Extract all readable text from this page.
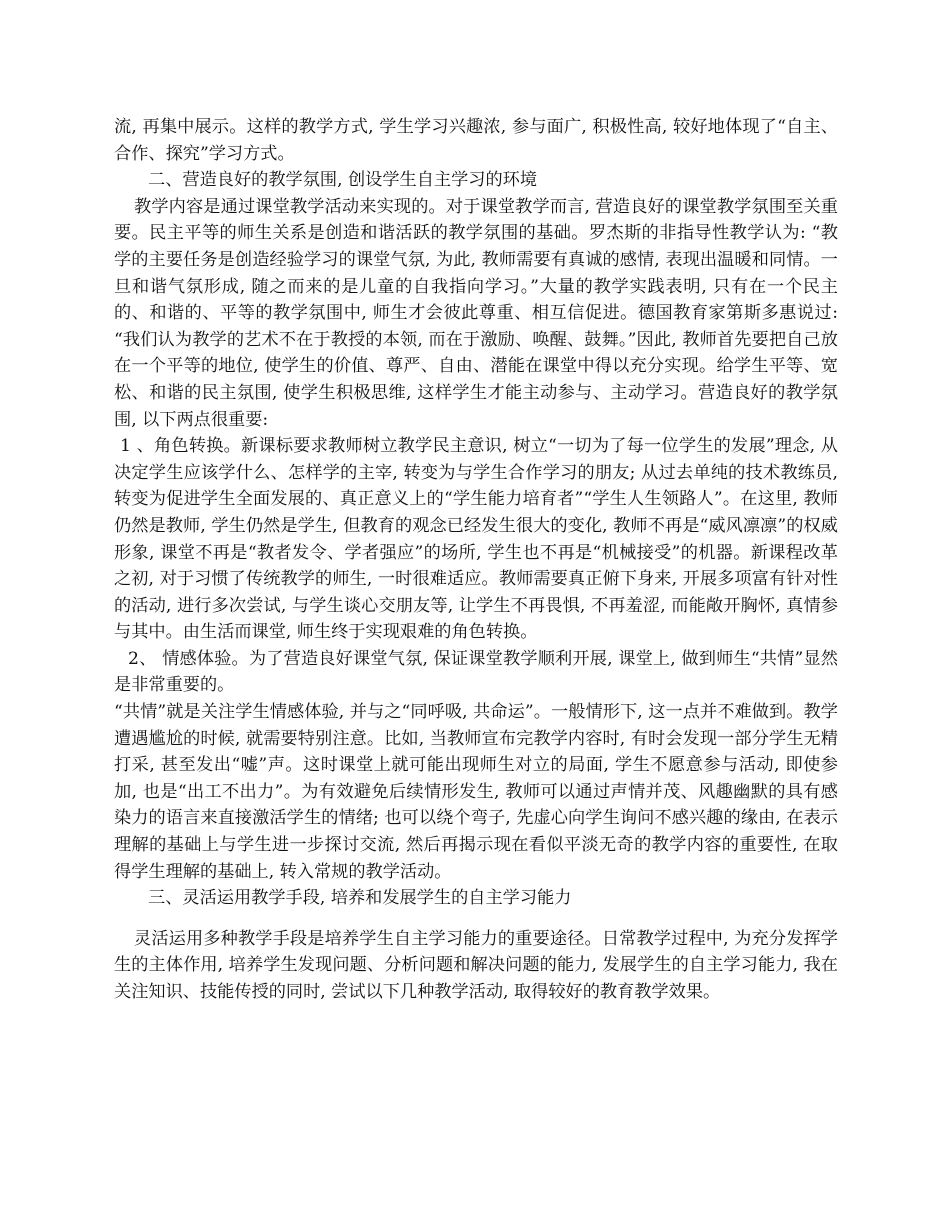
流, 再集中展示。这样的教学方式, 学生学习兴趣浓, 参与面广, 积极性高, 较好地体现了“自主、合作、探究”学习方式。

二、营造良好的教学氛围, 创设学生自主学习的环境

教学内容是通过课堂教学活动来实现的。对于课堂教学而言, 营造良好的课堂教学氛围至关重要。民主平等的师生关系是创造和谐活跃的教学氛围的基础。罗杰斯的非指导性教学认为: “教学的主要任务是创造经验学习的课堂气氛, 为此, 教师需要有真诚的感情, 表现出温暖和同情。一旦和谐气氛形成, 随之而来的是儿童的自我指向学习。”大量的教学实践表明, 只有在一个民主的、和谐的、平等的教学氛围中, 师生才会彼此尊重、相互信促进。德国教育家第斯多惠说过: “我们认为教学的艺术不在于教授的本领, 而在于激励、唤醒、鼓舞。”因此, 教师首先要把自己放在一个平等的地位, 使学生的价值、尊严、自由、潜能在课堂中得以充分实现。给学生平等、宽松、和谐的民主氛围, 使学生积极思维, 这样学生才能主动参与、主动学习。营造良好的教学氛围, 以下两点很重要:

1 、角色转换。新课标要求教师树立教学民主意识, 树立“一切为了每一位学生的发展”理念, 从决定学生应该学什么、怎样学的主宰, 转变为与学生合作学习的朋友; 从过去单纯的技术教练员, 转变为促进学生全面发展的、真正意义上的“学生能力培育者”“学生人生领路人”。在这里, 教师仍然是教师, 学生仍然是学生, 但教育的观念已经发生很大的变化, 教师不再是“威风凛凛”的权威形象, 课堂不再是“教者发令、学者强应”的场所, 学生也不再是“机械接受”的机器。新课程改革之初, 对于习惯了传统教学的师生, 一时很难适应。教师需要真正俯下身来, 开展多项富有针对性的活动, 进行多次尝试, 与学生谈心交朋友等, 让学生不再畏惧, 不再羞涩, 而能敞开胸怀, 真情参与其中。由生活而课堂, 师生终于实现艰难的角色转换。

2、 情感体验。为了营造良好课堂气氛, 保证课堂教学顺利开展, 课堂上, 做到师生“共情”显然是非常重要的。

“共情”就是关注学生情感体验, 并与之“同呼吸, 共命运”。一般情形下, 这一点并不难做到。教学遭遇尴尬的时候, 就需要特别注意。比如, 当教师宣布完教学内容时, 有时会发现一部分学生无精打采, 甚至发出“嘘”声。这时课堂上就可能出现师生对立的局面, 学生不愿意参与活动, 即使参加, 也是“出工不出力”。为有效避免后续情形发生, 教师可以通过声情并茂、风趣幽默的具有感染力的语言来直接激活学生的情绪; 也可以绕个弯子, 先虚心向学生询问不感兴趣的缘由, 在表示理解的基础上与学生进一步探讨交流, 然后再揭示现在看似平淡无奇的教学内容的重要性, 在取得学生理解的基础上, 转入常规的教学活动。

三、灵活运用教学手段, 培养和发展学生的自主学习能力

灵活运用多种教学手段是培养学生自主学习能力的重要途径。日常教学过程中, 为充分发挥学生的主体作用, 培养学生发现问题、分析问题和解决问题的能力, 发展学生的自主学习能力, 我在关注知识、技能传授的同时, 尝试以下几种教学活动, 取得较好的教育教学效果。
